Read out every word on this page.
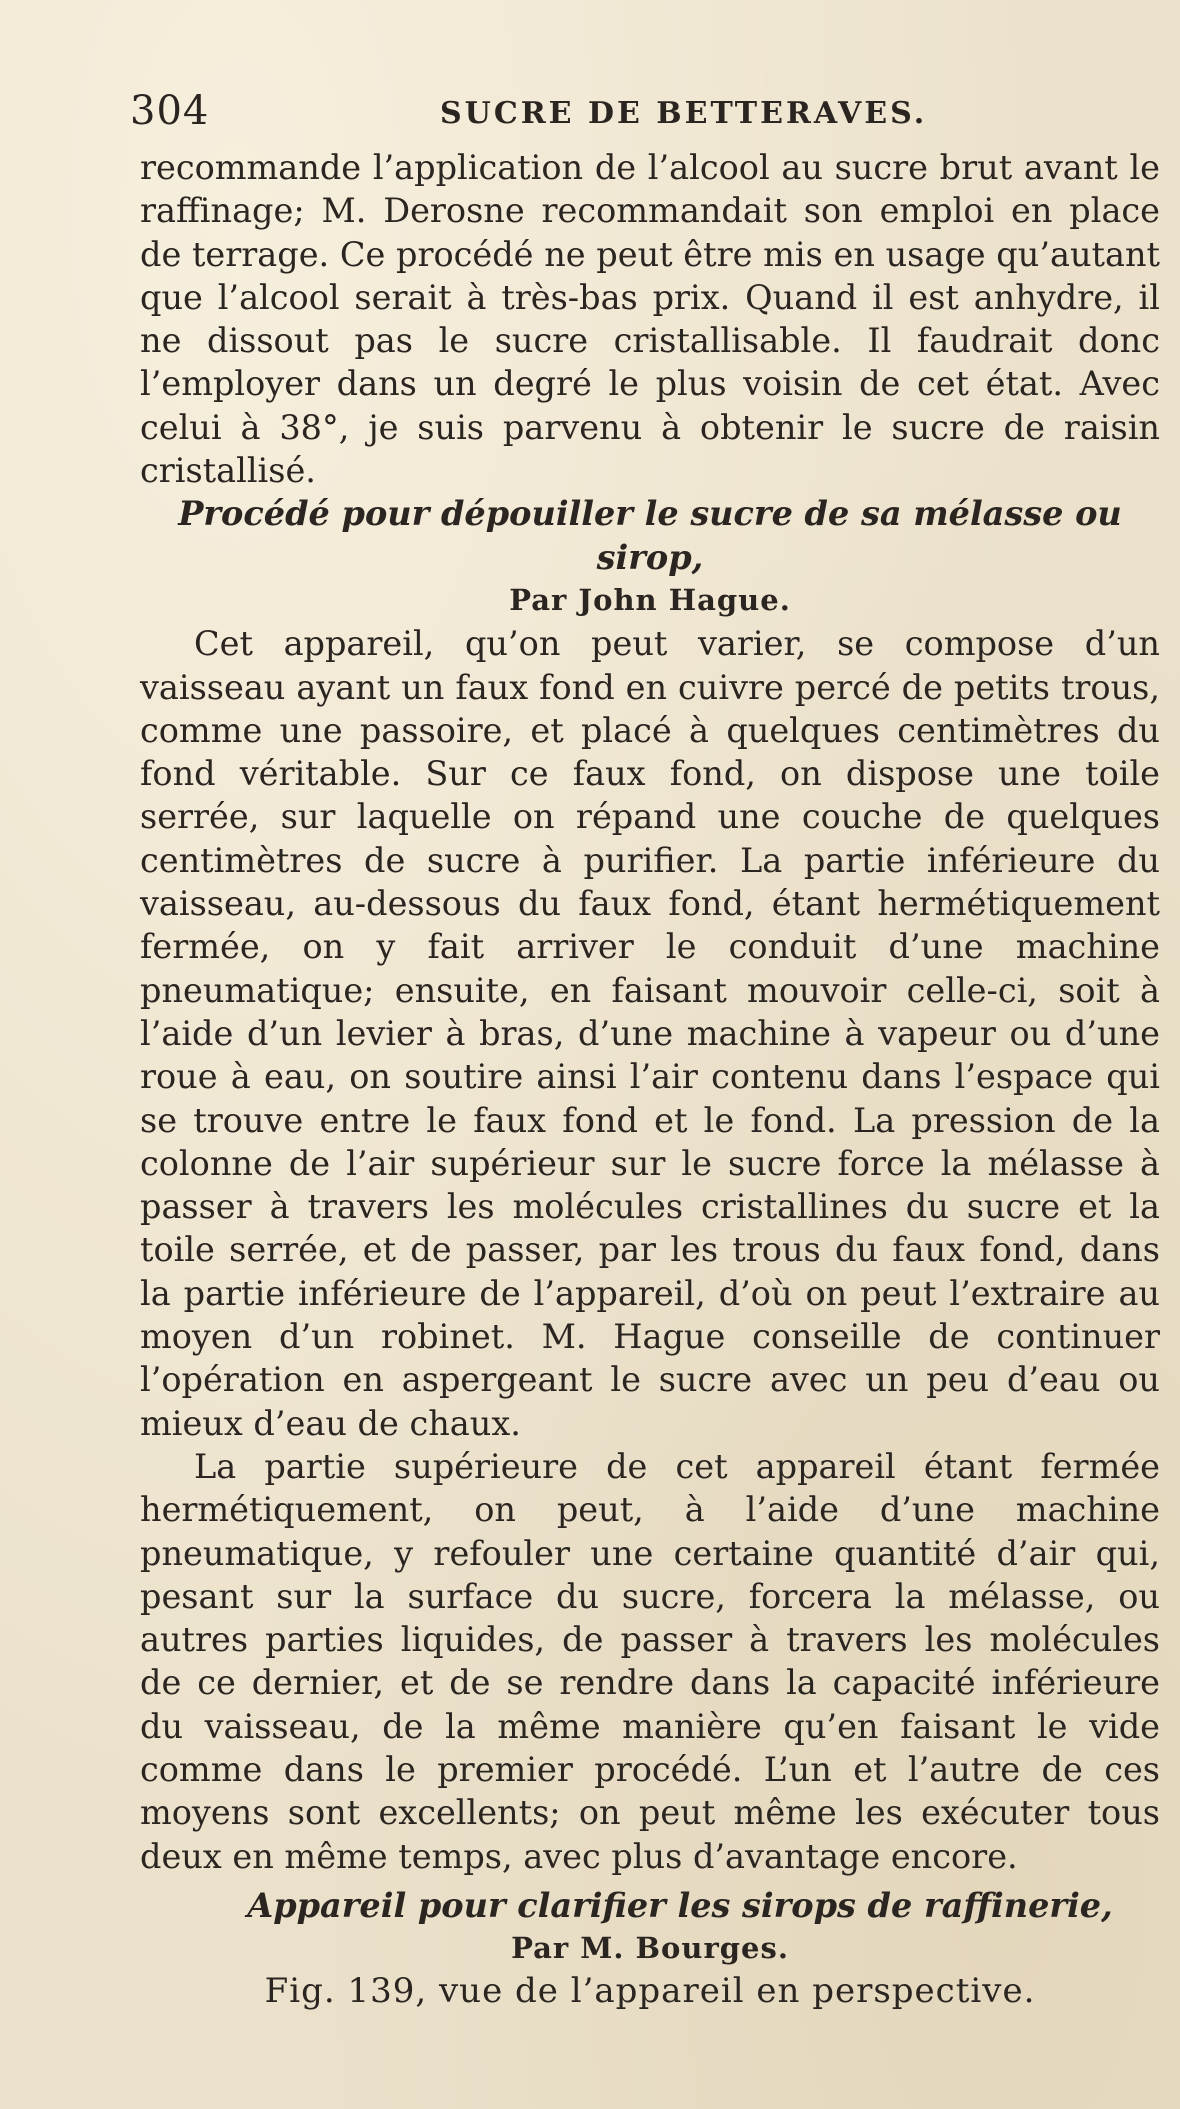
304	SUCRE DE BETTERAVES.

recommande l’application de l’alcool au sucre brut avant le raffinage; M. Derosne recommandait son emploi en place de terrage. Ce procédé ne peut être mis en usage qu’autant que l’alcool serait à très-bas prix. Quand il est anhydre, il ne dissout pas le sucre cristallisable. Il faudrait donc l’employer dans un degré le plus voisin de cet état. Avec celui à 38°, je suis parvenu à obtenir le sucre de raisin cristallisé.

Procédé pour dépouiller le sucre de sa mélasse ou sirop,

Par John Hague.

Cet appareil, qu’on peut varier, se compose d’un vaisseau ayant un faux fond en cuivre percé de petits trous, comme une passoire, et placé à quelques centimètres du fond véritable. Sur ce faux fond, on dispose une toile serrée, sur laquelle on répand une couche de quelques centimètres de sucre à purifier. La partie inférieure du vaisseau, au-dessous du faux fond, étant hermétiquement fermée, on y fait arriver le conduit d’une machine pneumatique; ensuite, en faisant mouvoir celle-ci, soit à l’aide d’un levier à bras, d’une machine à vapeur ou d’une roue à eau, on soutire ainsi l’air contenu dans l’espace qui se trouve entre le faux fond et le fond. La pression de la colonne de l’air supérieur sur le sucre force la mélasse à passer à travers les molécules cristallines du sucre et la toile serrée, et de passer, par les trous du faux fond, dans la partie inférieure de l’appareil, d’où on peut l’extraire au moyen d’un robinet. M. Hague conseille de continuer l’opération en aspergeant le sucre avec un peu d’eau ou mieux d’eau de chaux.

La partie supérieure de cet appareil étant fermée hermétiquement, on peut, à l’aide d’une machine pneumatique, y refouler une certaine quantité d’air qui, pesant sur la surface du sucre, forcera la mélasse, ou autres parties liquides, de passer à travers les molécules de ce dernier, et de se rendre dans la capacité inférieure du vaisseau, de la même manière qu’en faisant le vide comme dans le premier procédé. L’un et l’autre de ces moyens sont excellents; on peut même les exécuter tous deux en même temps, avec plus d’avantage encore.

Appareil pour clarifier les sirops de raffinerie,

Par M. Bourges.

Fig. 139, vue de l’appareil en perspective.
